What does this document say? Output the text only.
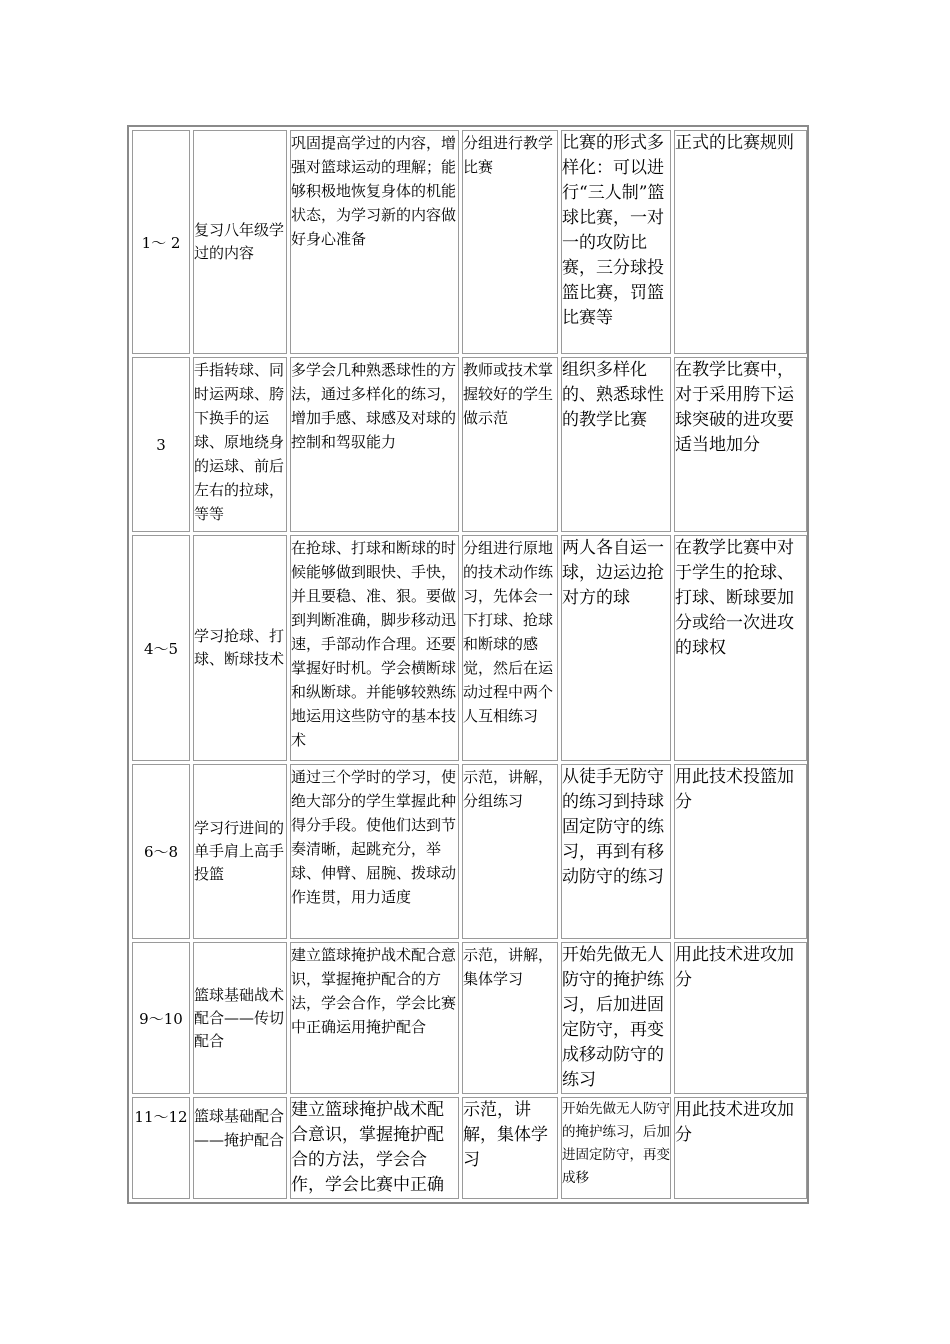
1～ 2	复习八年级学过的内容	巩固提高学过的内容，增强对篮球运动的理解；能够积极地恢复身体的机能状态，为学习新的内容做好身心准备	分组进行教学比赛	比赛的形式多样化：可以进行“三人制”篮球比赛，一对一的攻防比赛，三分球投篮比赛，罚篮比赛等	正式的比赛规则
3	手指转球、同时运两球、胯下换手的运球、原地绕身的运球、前后左右的拉球，等等	多学会几种熟悉球性的方法，通过多样化的练习，增加手感、球感及对球的控制和驾驭能力	教师或技术掌握较好的学生做示范	组织多样化的、熟悉球性的教学比赛	在教学比赛中，对于采用胯下运球突破的进攻要适当地加分
4～5	学习抢球、打球、断球技术	在抢球、打球和断球的时候能够做到眼快、手快，并且要稳、准、狠。要做到判断准确，脚步移动迅速，手部动作合理。还要掌握好时机。学会横断球和纵断球。并能够较熟练地运用这些防守的基本技术	分组进行原地的技术动作练习，先体会一下打球、抢球和断球的感觉，然后在运动过程中两个人互相练习	两人各自运一球，边运边抢对方的球	在教学比赛中对于学生的抢球、打球、断球要加分或给一次进攻的球权
6～8	学习行进间的单手肩上高手投篮	通过三个学时的学习，使绝大部分的学生掌握此种得分手段。使他们达到节奏清晰，起跳充分，举球、伸臂、屈腕、拨球动作连贯，用力适度	示范，讲解，分组练习	从徒手无防守的练习到持球固定防守的练习，再到有移动防守的练习	用此技术投篮加分
9～10	篮球基础战术配合——传切配合	建立篮球掩护战术配合意识，掌握掩护配合的方法，学会合作，学会比赛中正确运用掩护配合	示范，讲解，集体学习	开始先做无人防守的掩护练习，后加进固定防守，再变成移动防守的练习	用此技术进攻加分
11～12	篮球基础配合——掩护配合	建立篮球掩护战术配合意识，掌握掩护配合的方法，学会合作，学会比赛中正确	示范，讲解，集体学习	开始先做无人防守的掩护练习，后加进固定防守，再变成移	用此技术进攻加分
